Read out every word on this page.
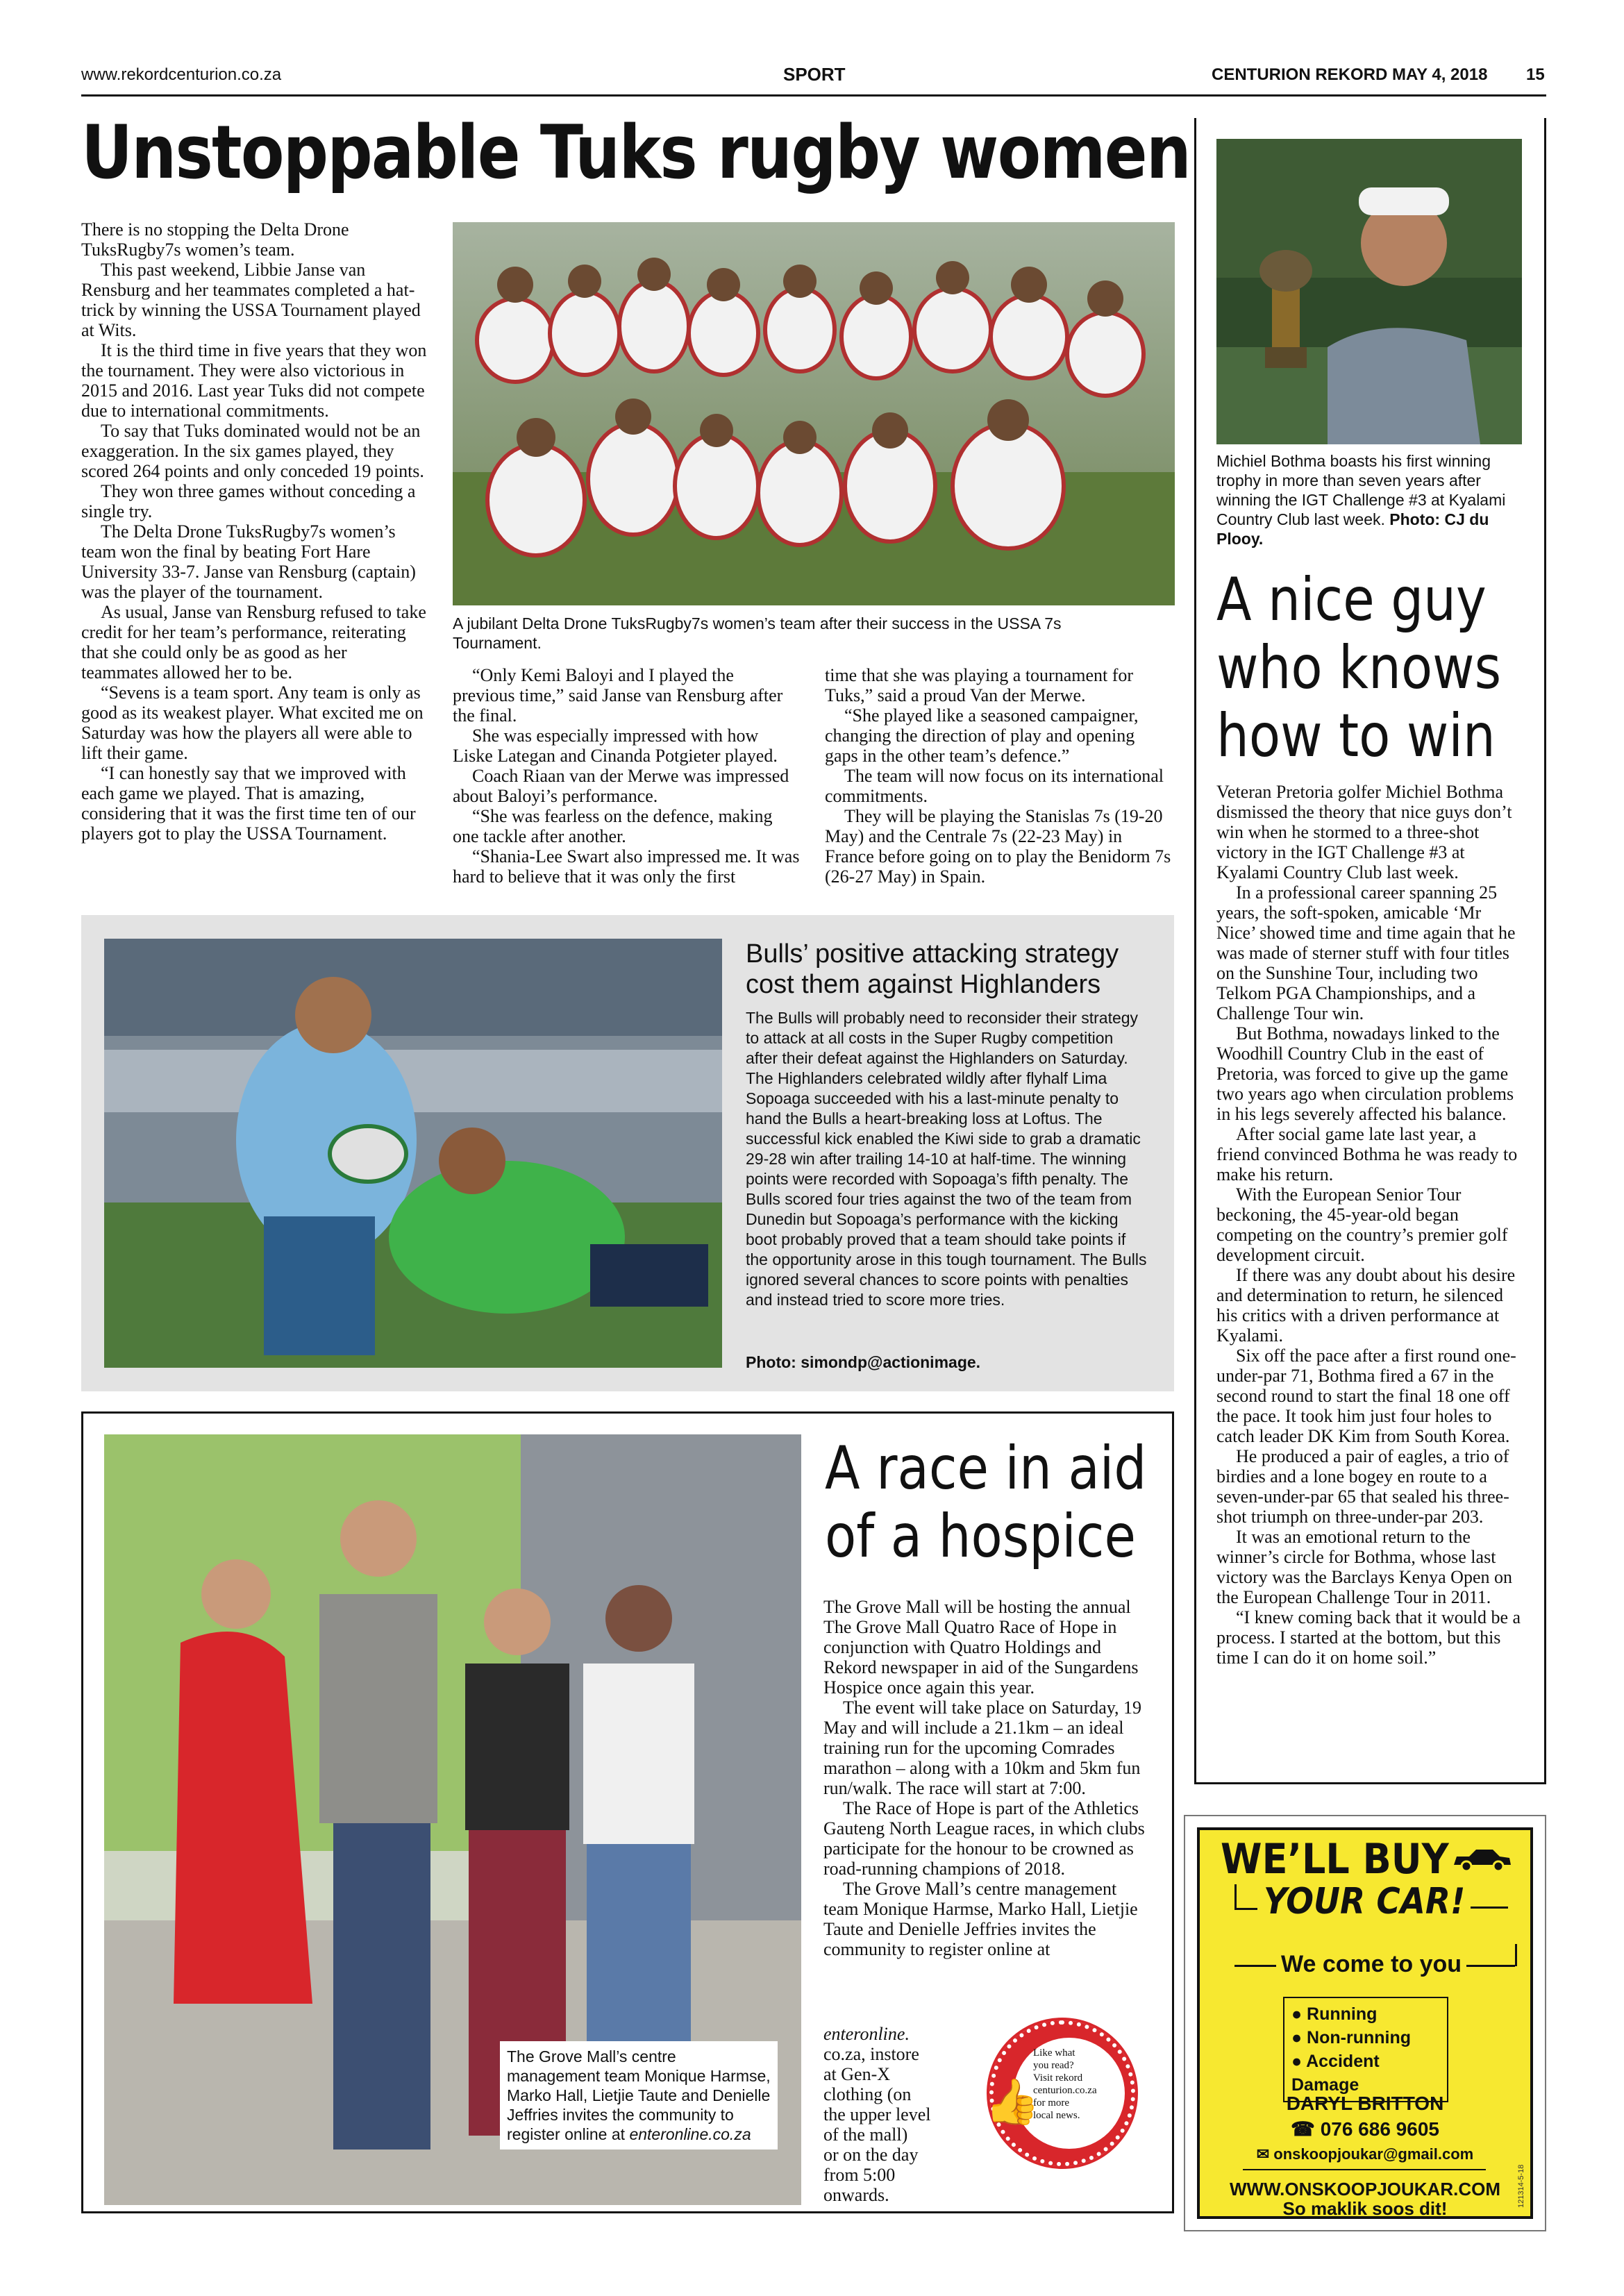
www.rekordcenturion.co.za	SPORT	CENTURION REKORD MAY 4, 2018 15
Unstoppable Tuks rugby women

There is no stopping the Delta Drone TuksRugby7s women’s team.

This past weekend, Libbie Janse van Rensburg and her teammates completed a hat-trick by winning the USSA Tournament played at Wits.

It is the third time in five years that they won the tournament. They were also victorious in 2015 and 2016. Last year Tuks did not compete due to international commitments.

To say that Tuks dominated would not be an exaggeration. In the six games played, they scored 264 points and only conceded 19 points.

They won three games without conceding a single try.

The Delta Drone TuksRugby7s women’s team won the final by beating Fort Hare University 33-7. Janse van Rensburg (captain) was the player of the tournament.

As usual, Janse van Rensburg refused to take credit for her team’s performance, reiterating that she could only be as good as her teammates allowed her to be.

“Sevens is a team sport. Any team is only as good as its weakest player. What excited me on Saturday was how the players all were able to lift their game.

“I can honestly say that we improved with each game we played. That is amazing, considering that it was the first time ten of our players got to play the USSA Tournament.

A jubilant Delta Drone TuksRugby7s women’s team after their success in the USSA 7s Tournament.

“Only Kemi Baloyi and I played the previous time,” said Janse van Rensburg after the final.

She was especially impressed with how Liske Lategan and Cinanda Potgieter played.

Coach Riaan van der Merwe was impressed about Baloyi’s performance.

“She was fearless on the defence, making one tackle after another.

“Shania-Lee Swart also impressed me. It was hard to believe that it was only the first

time that she was playing a tournament for Tuks,” said a proud Van der Merwe.

“She played like a seasoned campaigner, changing the direction of play and opening gaps in the other team’s defence.”

The team will now focus on its international commitments.

They will be playing the Stanislas 7s (19-20 May) and the Centrale 7s (22-23 May) in France before going on to play the Benidorm 7s (26-27 May) in Spain.

Bulls’ positive attacking strategy cost them against Highlanders
The Bulls will probably need to reconsider their strategy to attack at all costs in the Super Rugby competition after their defeat against the Highlanders on Saturday. The Highlanders celebrated wildly after flyhalf Lima Sopoaga succeeded with his a last-minute penalty to hand the Bulls a heart-breaking loss at Loftus. The successful kick enabled the Kiwi side to grab a dramatic 29-28 win after trailing 14-10 at half-time. The winning points were recorded with Sopoaga’s fifth penalty. The Bulls scored four tries against the two of the team from Dunedin but Sopoaga’s performance with the kicking boot probably proved that a team should take points if the opportunity arose in this tough tournament. The Bulls ignored several chances to score points with penalties and instead tried to score more tries.
Photo: simondp@actionimage.
The Grove Mall’s centre management team Monique Harmse, Marko Hall, Lietjie Taute and Denielle Jeffries invites the community to register online at enteronline.co.za
A race in aid
of a hospice

The Grove Mall will be hosting the annual The Grove Mall Quatro Race of Hope in conjunction with Quatro Holdings and Rekord newspaper in aid of the Sungardens Hospice once again this year.

The event will take place on Saturday, 19 May and will include a 21.1km – an ideal training run for the upcoming Comrades marathon – along with a 10km and 5km fun run/walk. The race will start at 7:00.

The Race of Hope is part of the Athletics Gauteng North League races, in which clubs participate for the honour to be crowned as road-running champions of 2018.

The Grove Mall’s centre management team Monique Harmse, Marko Hall, Lietjie Taute and Denielle Jeffries invites the community to register online at

enteronline.
co.za, instore
at Gen-X
clothing (on
the upper level
of the mall)
or on the day
from 5:00
onwards.
👍
Like what
you read?
Visit rekord
centurion.co.za
for more
local news.
Michiel Bothma boasts his first winning trophy in more than seven years after winning the IGT Challenge #3 at Kyalami Country Club last week. Photo: CJ du Plooy.
A nice guy
who knows
how to win

Veteran Pretoria golfer Michiel Bothma dismissed the theory that nice guys don’t win when he stormed to a three-shot victory in the IGT Challenge #3 at Kyalami Country Club last week.

In a professional career spanning 25 years, the soft-spoken, amicable ‘Mr Nice’ showed time and time again that he was made of sterner stuff with four titles on the Sunshine Tour, including two Telkom PGA Championships, and a Challenge Tour win.

But Bothma, nowadays linked to the Woodhill Country Club in the east of Pretoria, was forced to give up the game two years ago when circulation problems in his legs severely affected his balance.

After social game late last year, a friend convinced Bothma he was ready to make his return.

With the European Senior Tour beckoning, the 45-year-old began competing on the country’s premier golf development circuit.

If there was any doubt about his desire and determination to return, he silenced his critics with a driven performance at Kyalami.

Six off the pace after a first round one-under-par 71, Bothma fired a 67 in the second round to start the final 18 one off the pace. It took him just four holes to catch leader DK Kim from South Korea.

He produced a pair of eagles, a trio of birdies and a lone bogey en route to a seven-under-par 65 that sealed his three-shot triumph on three-under-par 203.

It was an emotional return to the winner’s circle for Bothma, whose last victory was the Barclays Kenya Open on the European Challenge Tour in 2011.

“I knew coming back that it would be a process. I started at the bottom, but this time I can do it on home soil.”

WE’LL BUY
YOUR CAR!
We come to you
● Running
● Non-running
● Accident Damage
DARYL BRITTON
☎ 076 686 9605
✉ onskoopjoukar@gmail.com
WWW.ONSKOOPJOUKAR.COM
So maklik soos dit!
121314-5-18
